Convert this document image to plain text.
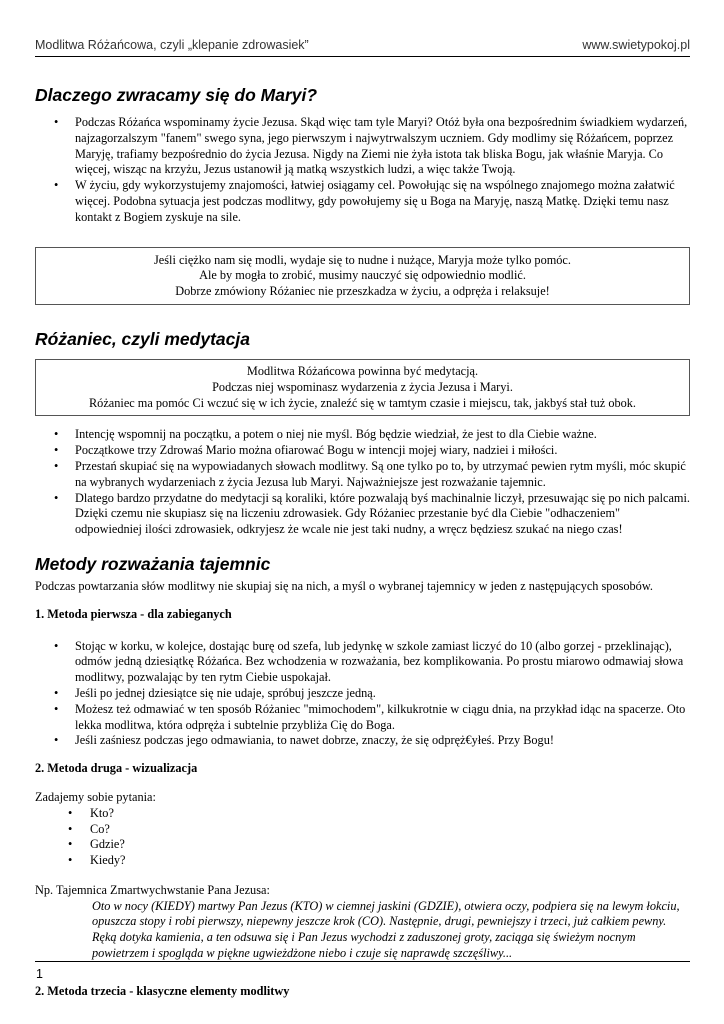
Modlitwa Różańcowa, czyli „klepanie zdrowasiek”	www.swietypokoj.pl
Dlaczego zwracamy się do Maryi?
• Podczas Różańca wspominamy życie Jezusa. Skąd więc tam tyle Maryi? Otóż była ona bezpośrednim świadkiem wydarzeń, najzagorzalszym "fanem" swego syna, jego pierwszym i najwytrwalszym uczniem. Gdy modlimy się Różańcem, poprzez Maryję, trafiamy bezpośrednio do życia Jezusa. Nigdy na Ziemi nie żyła istota tak bliska Bogu, jak właśnie Maryja. Co więcej, wisząc na krzyżu, Jezus ustanowił ją matką wszystkich ludzi, a więc także Twoją.
• W życiu, gdy wykorzystujemy znajomości, łatwiej osiągamy cel. Powołując się na wspólnego znajomego można załatwić więcej. Podobna sytuacja jest podczas modlitwy, gdy powołujemy się u Boga na Maryję, naszą Matkę. Dzięki temu nasz kontakt z Bogiem zyskuje na sile.
Jeśli ciężko nam się modli, wydaje się to nudne i nużące, Maryja może tylko pomóc.
Ale by mogła to zrobić, musimy nauczyć się odpowiednio modlić.
Dobrze zmówiony Różaniec nie przeszkadza w życiu, a odpręża i relaksuje!
Różaniec, czyli medytacja
Modlitwa Różańcowa powinna być medytacją.
Podczas niej wspominasz wydarzenia z życia Jezusa i Maryi.
Różaniec ma pomóc Ci wczuć się w ich życie, znaleźć się w tamtym czasie i miejscu, tak, jakbyś stał tuż obok.
• Intencję wspomnij na początku, a potem o niej nie myśl. Bóg będzie wiedział, że jest to dla Ciebie ważne.
• Początkowe trzy Zdrowaś Mario można ofiarować Bogu w intencji mojej wiary, nadziei i miłości.
• Przestań skupiać się na wypowiadanych słowach modlitwy. Są one tylko po to, by utrzymać pewien rytm myśli, móc skupić na wybranych wydarzeniach z życia Jezusa lub Maryi. Najważniejsze jest rozważanie tajemnic.
• Dlatego bardzo przydatne do medytacji są koraliki, które pozwalają byś machinalnie liczył, przesuwając się po nich palcami. Dzięki czemu nie skupiasz się na liczeniu zdrowasiek. Gdy Różaniec przestanie być dla Ciebie "odhaczeniem" odpowiedniej ilości zdrowasiek, odkryjesz że wcale nie jest taki nudny, a wręcz będziesz szukać na niego czas!
Metody rozważania tajemnic
Podczas powtarzania słów modlitwy nie skupiaj się na nich, a myśl o wybranej tajemnicy w jeden z następujących sposobów.
1. Metoda pierwsza - dla zabieganych
• Stojąc w korku, w kolejce, dostając burę od szefa, lub jedynkę w szkole zamiast liczyć do 10 (albo gorzej - przeklinając), odmów jedną dziesiątkę Różańca. Bez wchodzenia w rozważania, bez komplikowania. Po prostu miarowo odmawiaj słowa modlitwy, pozwalając by ten rytm Ciebie uspokajał.
• Jeśli po jednej dziesiątce się nie udaje, spróbuj jeszcze jedną.
• Możesz też odmawiać w ten sposób Różaniec "mimochodem", kilkukrotnie w ciągu dnia, na przykład idąc na spacerze. Oto lekka modlitwa, która odpręża i subtelnie przybliża Cię do Boga.
• Jeśli zaśniesz podczas jego odmawiania, to nawet dobrze, znaczy, że się odpręż€yłeś. Przy Bogu!
2. Metoda druga - wizualizacja
Zadajemy sobie pytania:
• Kto?
• Co?
• Gdzie?
• Kiedy?
Np. Tajemnica Zmartwychwstanie Pana Jezusa:
Oto w nocy (KIEDY) martwy Pan Jezus (KTO) w ciemnej jaskini (GDZIE), otwiera oczy, podpiera się na lewym łokciu, opuszcza stopy i robi pierwszy, niepewny jeszcze krok (CO). Następnie, drugi, pewniejszy i trzeci, już całkiem pewny. Ręką dotyka kamienia, a ten odsuwa się i Pan Jezus wychodzi z zaduszonej groty, zaciąga się świeżym nocnym powietrzem i spogląda w piękne ugwieżdżone niebo i czuje się naprawdę szczęśliwy...
2. Metoda trzecia - klasyczne elementy modlitwy
1
